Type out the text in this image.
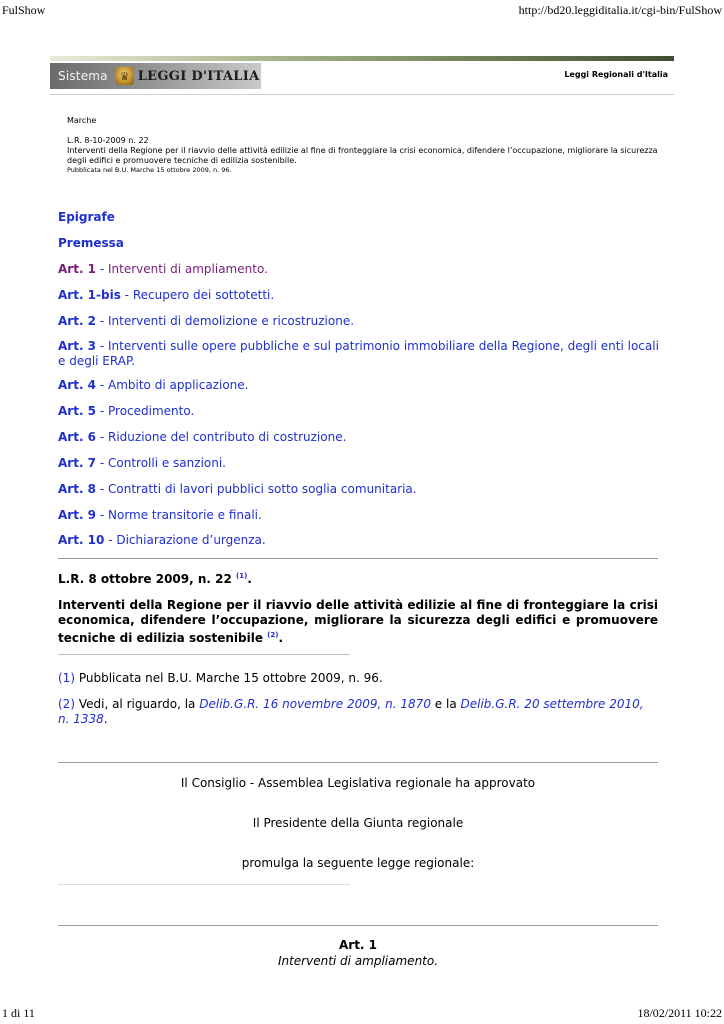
FulShow	http://bd20.leggiditalia.it/cgi-bin/FulShow
Sistema	♛ LEGGI D'ITALIA	Leggi Regionali d'Italia
Marche
L.R. 8-10-2009 n. 22
Interventi della Regione per il riavvio delle attività edilizie al fine di fronteggiare la crisi economica, difendere l’occupazione, migliorare la sicurezza degli edifici e promuovere tecniche di edilizia sostenibile.
Pubblicata nel B.U. Marche 15 ottobre 2009, n. 96.
Epigrafe
Premessa
Art. 1 - Interventi di ampliamento.
Art. 1-bis - Recupero dei sottotetti.
Art. 2 - Interventi di demolizione e ricostruzione.
Art. 3 - Interventi sulle opere pubbliche e sul patrimonio immobiliare della Regione, degli enti locali e degli ERAP.
Art. 4 - Ambito di applicazione.
Art. 5 - Procedimento.
Art. 6 - Riduzione del contributo di costruzione.
Art. 7 - Controlli e sanzioni.
Art. 8 - Contratti di lavori pubblici sotto soglia comunitaria.
Art. 9 - Norme transitorie e finali.
Art. 10 - Dichiarazione d’urgenza.
L.R. 8 ottobre 2009, n. 22 $^{(1)}$.
Interventi della Regione per il riavvio delle attività edilizie al fine di fronteggiare la crisi economica, difendere l’occupazione, migliorare la sicurezza degli edifici e promuovere tecniche di edilizia sostenibile $^{(2)}$.
(1) Pubblicata nel B.U. Marche 15 ottobre 2009, n. 96.
(2) Vedi, al riguardo, la Delib.G.R. 16 novembre 2009, n. 1870 e la Delib.G.R. 20 settembre 2010, n. 1338.
Il Consiglio - Assemblea Legislativa regionale ha approvato
Il Presidente della Giunta regionale
promulga la seguente legge regionale:
Art. 1
Interventi di ampliamento.
1 di 11	18/02/2011 10:22
